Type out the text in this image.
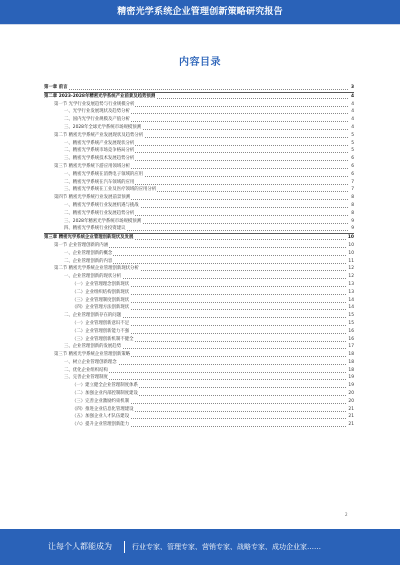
精密光学系统企业管理创新策略研究报告
内容目录
第一章 前言	3
第二章 2023-2028年精密光学系统产业前景及趋势预测	4
第一节 光学行业发展趋势与行业规模分析	4
一、光学行业发展现状及趋势分析	4
二、国内光学行业规模及产值分析	4
三、2028年全球光学系统市场规模预测	4
第二节 精密光学系统产业发展现状及趋势分析	5
一、精密光学系统产业发展现状分析	5
二、精密光学系统市场竞争格局分析	5
三、精密光学系统技术发展趋势分析	6
第三节 精密光学系统下游应用领域分析	6
一、精密光学系统在消费电子领域的应用	6
二、精密光学系统在汽车领域的应用	7
三、精密光学系统在工业及医疗领域的应用分析	7
第四节 精密光学系统行业发展前景预测	8
一、精密光学系统行业发展机遇与挑战	8
二、精密光学系统行业发展趋势分析	8
三、2028年精密光学系统市场规模预测	9
四、精密光学系统行业投资建议	9
第三章 精密光学系统企业管理创新现状及发展	10
第一节 企业管理创新的内涵	10
一、企业管理创新的概念	10
二、企业管理创新的内容	11
第二节 精密光学系统企业管理创新现状分析	12
一、企业管理创新的现状分析	12
（一）企业管理理念创新现状	13
（二）企业组织结构创新现状	13
（三）企业管理制度创新现状	14
（四）企业管理方法创新现状	14
二、企业管理创新存在的问题	15
（一）企业管理创新意识不足	15
（二）企业管理创新能力不强	16
（三）企业管理创新机制不健全	16
三、企业管理创新的发展趋势	17
第三节 精密光学系统企业管理创新策略	18
一、树立企业管理创新理念	18
二、优化企业组织结构	18
三、完善企业管理制度	19
（一）建立健全企业管理制度体系	19
（二）加强企业内部控制制度建设	20
（三）完善企业激励约束机制	20
（四）推进企业信息化管理建设	21
（五）加强企业人才队伍建设	21
（六）提升企业管理创新能力	21
2
让每个人都能成为	行业专家、管理专家、营销专家、战略专家、成功企业家……
